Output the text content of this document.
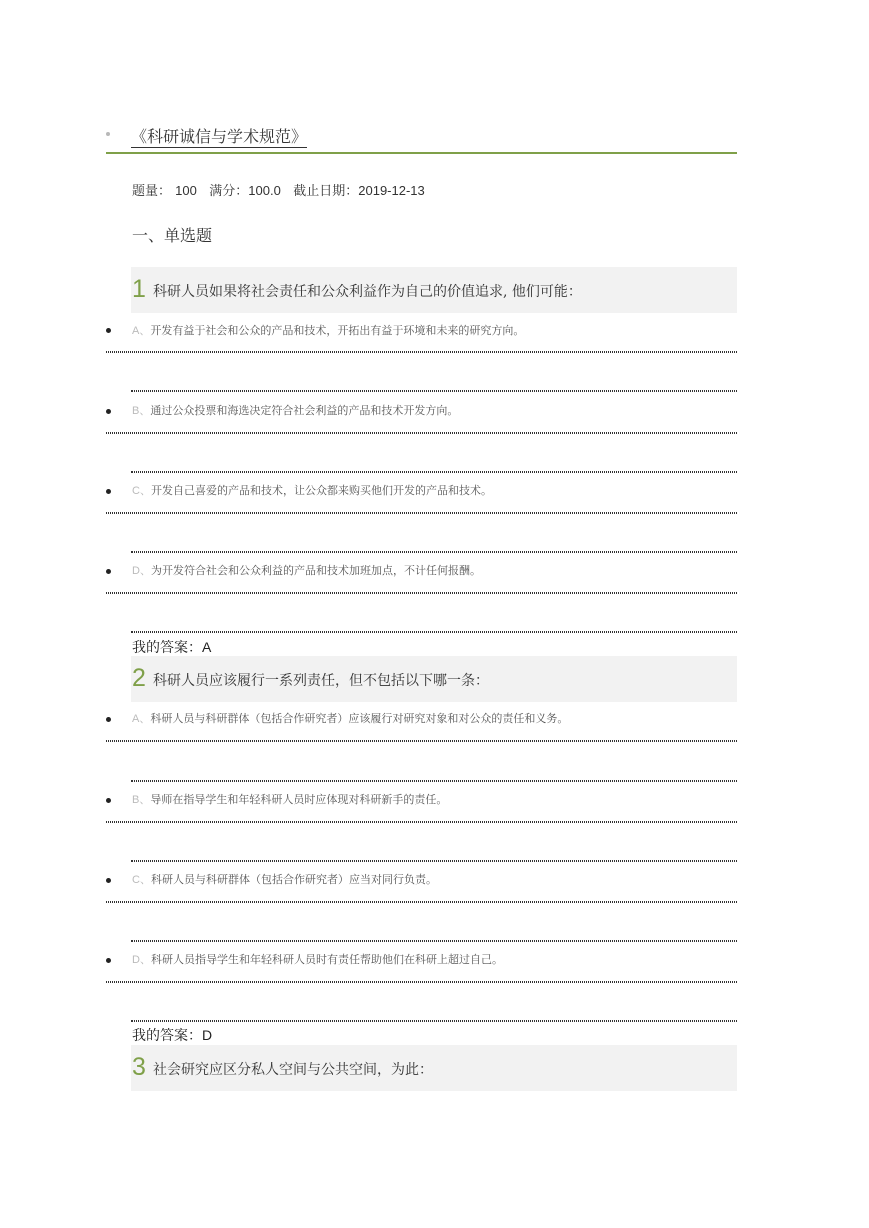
《科研诚信与学术规范》
题量： 100 满分：100.0 截止日期：2019-12-13
一、单选题
1 科研人员如果将社会责任和公众利益作为自己的价值追求, 他们可能：
A、开发有益于社会和公众的产品和技术，开拓出有益于环境和未来的研究方向。
B、通过公众投票和海选决定符合社会利益的产品和技术开发方向。
C、开发自己喜爱的产品和技术，让公众都来购买他们开发的产品和技术。
D、为开发符合社会和公众利益的产品和技术加班加点，不计任何报酬。
我的答案：A
2 科研人员应该履行一系列责任，但不包括以下哪一条：
A、科研人员与科研群体（包括合作研究者）应该履行对研究对象和对公众的责任和义务。
B、导师在指导学生和年轻科研人员时应体现对科研新手的责任。
C、科研人员与科研群体（包括合作研究者）应当对同行负责。
D、科研人员指导学生和年轻科研人员时有责任帮助他们在科研上超过自己。
我的答案：D
3 社会研究应区分私人空间与公共空间，为此：
